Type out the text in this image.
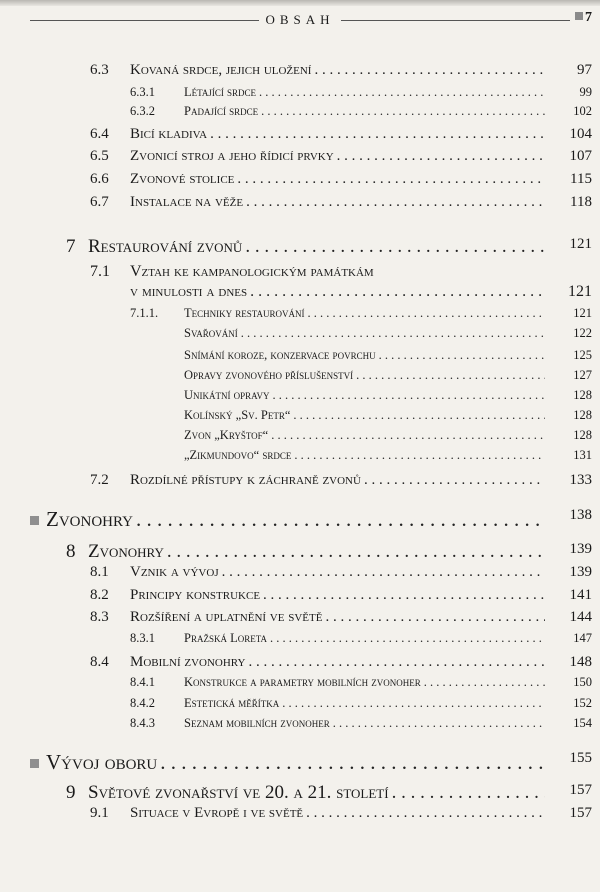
OBSAH	7
6.3 Kovaná srdce, jejich uložení . . .	97
6.3.1 Létající srdce . . .	99
6.3.2 Padající srdce . . .	102
6.4 Bicí kladiva . . .	104
6.5 Zvonicí stroj a jeho řídicí prvky . . .	107
6.6 Zvonové stolice . . .	115
6.7 Instalace na věže . . .	118
7 Restaurování zvonů . . .	121
7.1 Vztah ke kampanologickým památkám
v minulosti a dnes . . .	121
7.1.1. Techniky restaurování . . .	121
Svařování . . .	122
Snímání koroze, konzervace povrchu . . .	125
Opravy zvonového příslušenství . . .	127
Unikátní opravy . . .	128
Kolínský „Sv. Petr“ . . .	128
Zvon „Kryštof“ . . .	128
„Zikmundovo“ srdce . . .	131
7.2 Rozdílné přístupy k záchraně zvonů . . .	133
Zvonohry . . .	138
8 Zvonohry . . .	139
8.1 Vznik a vývoj . . .	139
8.2 Principy konstrukce . . .	141
8.3 Rozšíření a uplatnění ve světě . . .	144
8.3.1 Pražská Loreta . . .	147
8.4 Mobilní zvonohry . . .	148
8.4.1 Konstrukce a parametry mobilních zvonoher . . .	150
8.4.2 Estetická měřítka . . .	152
8.4.3 Seznam mobilních zvonoher . . .	154
Vývoj oboru . . .	155
9 Světové zvonařství ve 20. a 21. století . . .	157
9.1 Situace v Evropě i ve světě . . .	157
